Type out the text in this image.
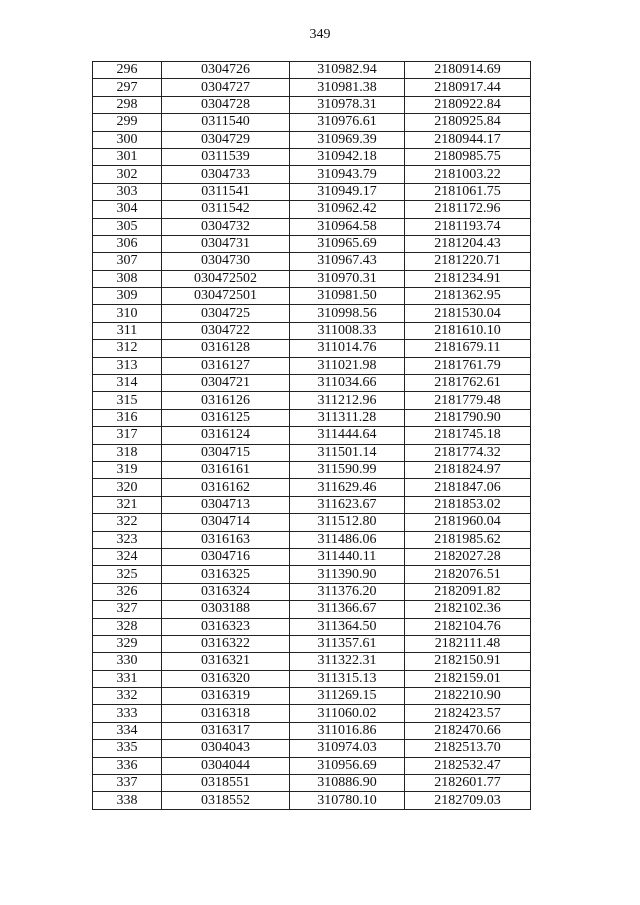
349
296	0304726	310982.94	2180914.69
297	0304727	310981.38	2180917.44
298	0304728	310978.31	2180922.84
299	0311540	310976.61	2180925.84
300	0304729	310969.39	2180944.17
301	0311539	310942.18	2180985.75
302	0304733	310943.79	2181003.22
303	0311541	310949.17	2181061.75
304	0311542	310962.42	2181172.96
305	0304732	310964.58	2181193.74
306	0304731	310965.69	2181204.43
307	0304730	310967.43	2181220.71
308	030472502	310970.31	2181234.91
309	030472501	310981.50	2181362.95
310	0304725	310998.56	2181530.04
311	0304722	311008.33	2181610.10
312	0316128	311014.76	2181679.11
313	0316127	311021.98	2181761.79
314	0304721	311034.66	2181762.61
315	0316126	311212.96	2181779.48
316	0316125	311311.28	2181790.90
317	0316124	311444.64	2181745.18
318	0304715	311501.14	2181774.32
319	0316161	311590.99	2181824.97
320	0316162	311629.46	2181847.06
321	0304713	311623.67	2181853.02
322	0304714	311512.80	2181960.04
323	0316163	311486.06	2181985.62
324	0304716	311440.11	2182027.28
325	0316325	311390.90	2182076.51
326	0316324	311376.20	2182091.82
327	0303188	311366.67	2182102.36
328	0316323	311364.50	2182104.76
329	0316322	311357.61	2182111.48
330	0316321	311322.31	2182150.91
331	0316320	311315.13	2182159.01
332	0316319	311269.15	2182210.90
333	0316318	311060.02	2182423.57
334	0316317	311016.86	2182470.66
335	0304043	310974.03	2182513.70
336	0304044	310956.69	2182532.47
337	0318551	310886.90	2182601.77
338	0318552	310780.10	2182709.03
